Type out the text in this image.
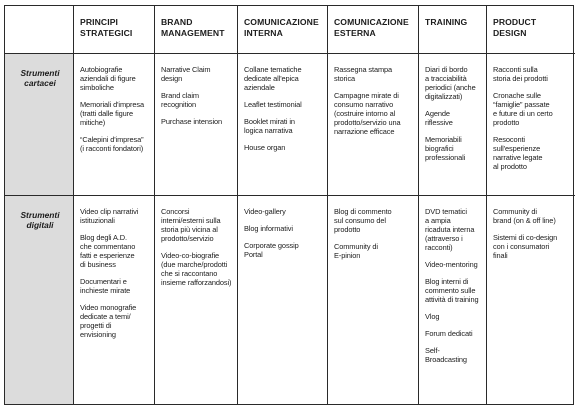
PRINCIPI
STRATEGICI
BRAND
MANAGEMENT
COMUNICAZIONE
INTERNA
COMUNICAZIONE
ESTERNA
TRAINING	PRODUCT
DESIGN
Strumenti
cartacei
Autobiografie
aziendali di figure
simboliche
Memoriali d'impresa
(tratti dalle figure
mitiche)
“Calepini d'impresa”
(i racconti fondatori)
Narrative Claim
design
Brand claim
recognition
Purchase intension
Collane tematiche
dedicate all'epica
aziendale
Leaflet testimonial
Booklet mirati in
logica narrativa
House organ
Rassegna stampa
storica
Campagne mirate di
consumo narrativo
(costruire intorno al
prodotto/servizio una
narrazione efficace
Diari di bordo
a tracciabilità
periodici (anche
digitalizzati)
Agende
riflessive
Memoriabili
biografici
professionali
Racconti sulla
storia dei prodotti
Cronache sulle
“famiglie” passate
e future di un certo
prodotto
Resoconti
sull'esperienze
narrative legate
al prodotto
Strumenti
digitali
Video clip narrativi
istituzionali
Blog degli A.D.
che commentano
fatti e esperienze
di business
Documentari e
inchieste mirate
Video monografie
dedicate a temi/
progetti di
envisioning
Concorsi
interni/esterni sulla
storia più vicina al
prodotto/servizio
Video-co-biografie
(due marche/prodotti
che si raccontano
insieme rafforzandosi)
Video-gallery
Blog informativi
Corporate gossip
Portal
Blog di commento
sul consumo del
prodotto
Community di
E-pinion
DVD tematici
a ampia
ricaduta interna
(attraverso i
racconti)
Video-mentoring
Blog interni di
commento sulle
attività di training
Vlog
Forum dedicati
Self-
Broadcasting
Community di
brand (on & off line)
Sistemi di co-design
con i consumatori
finali
